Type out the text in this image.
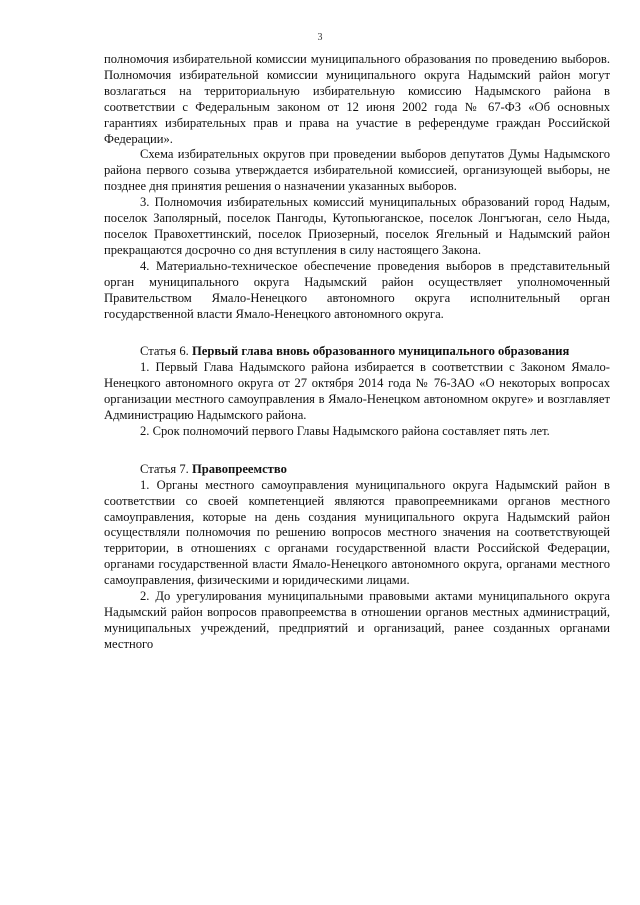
3

полномочия избирательной комиссии муниципального образования по проведению выборов. Полномочия избирательной комиссии муниципального округа Надымский район могут возлагаться на территориальную избирательную комиссию Надымского района в соответствии с Федеральным законом от 12 июня 2002 года № 67-ФЗ «Об основных гарантиях избирательных прав и права на участие в референдуме граждан Российской Федерации».

Схема избирательных округов при проведении выборов депутатов Думы Надымского района первого созыва утверждается избирательной комиссией, организующей выборы, не позднее дня принятия решения о назначении указанных выборов.

3. Полномочия избирательных комиссий муниципальных образований город Надым, поселок Заполярный, поселок Пангоды, Кутопьюганское, поселок Лонгъюган, село Ныда, поселок Правохеттинский, поселок Приозерный, поселок Ягельный и Надымский район прекращаются досрочно со дня вступления в силу настоящего Закона.

4. Материально-техническое обеспечение проведения выборов в представительный орган муниципального округа Надымский район осуществляет уполномоченный Правительством Ямало-Ненецкого автономного округа исполнительный орган государственной власти Ямало-Ненецкого автономного округа.

Статья 6. Первый глава вновь образованного муниципального образования

1. Первый Глава Надымского района избирается в соответствии с Законом Ямало-Ненецкого автономного округа от 27 октября 2014 года № 76-ЗАО «О некоторых вопросах организации местного самоуправления в Ямало-Ненецком автономном округе» и возглавляет Администрацию Надымского района.

2. Срок полномочий первого Главы Надымского района составляет пять лет.

Статья 7. Правопреемство

1. Органы местного самоуправления муниципального округа Надымский район в соответствии со своей компетенцией являются правопреемниками органов местного самоуправления, которые на день создания муниципального округа Надымский район осуществляли полномочия по решению вопросов местного значения на соответствующей территории, в отношениях с органами государственной власти Российской Федерации, органами государственной власти Ямало-Ненецкого автономного округа, органами местного самоуправления, физическими и юридическими лицами.

2. До урегулирования муниципальными правовыми актами муниципального округа Надымский район вопросов правопреемства в отношении органов местных администраций, муниципальных учреждений, предприятий и организаций, ранее созданных органами местного
